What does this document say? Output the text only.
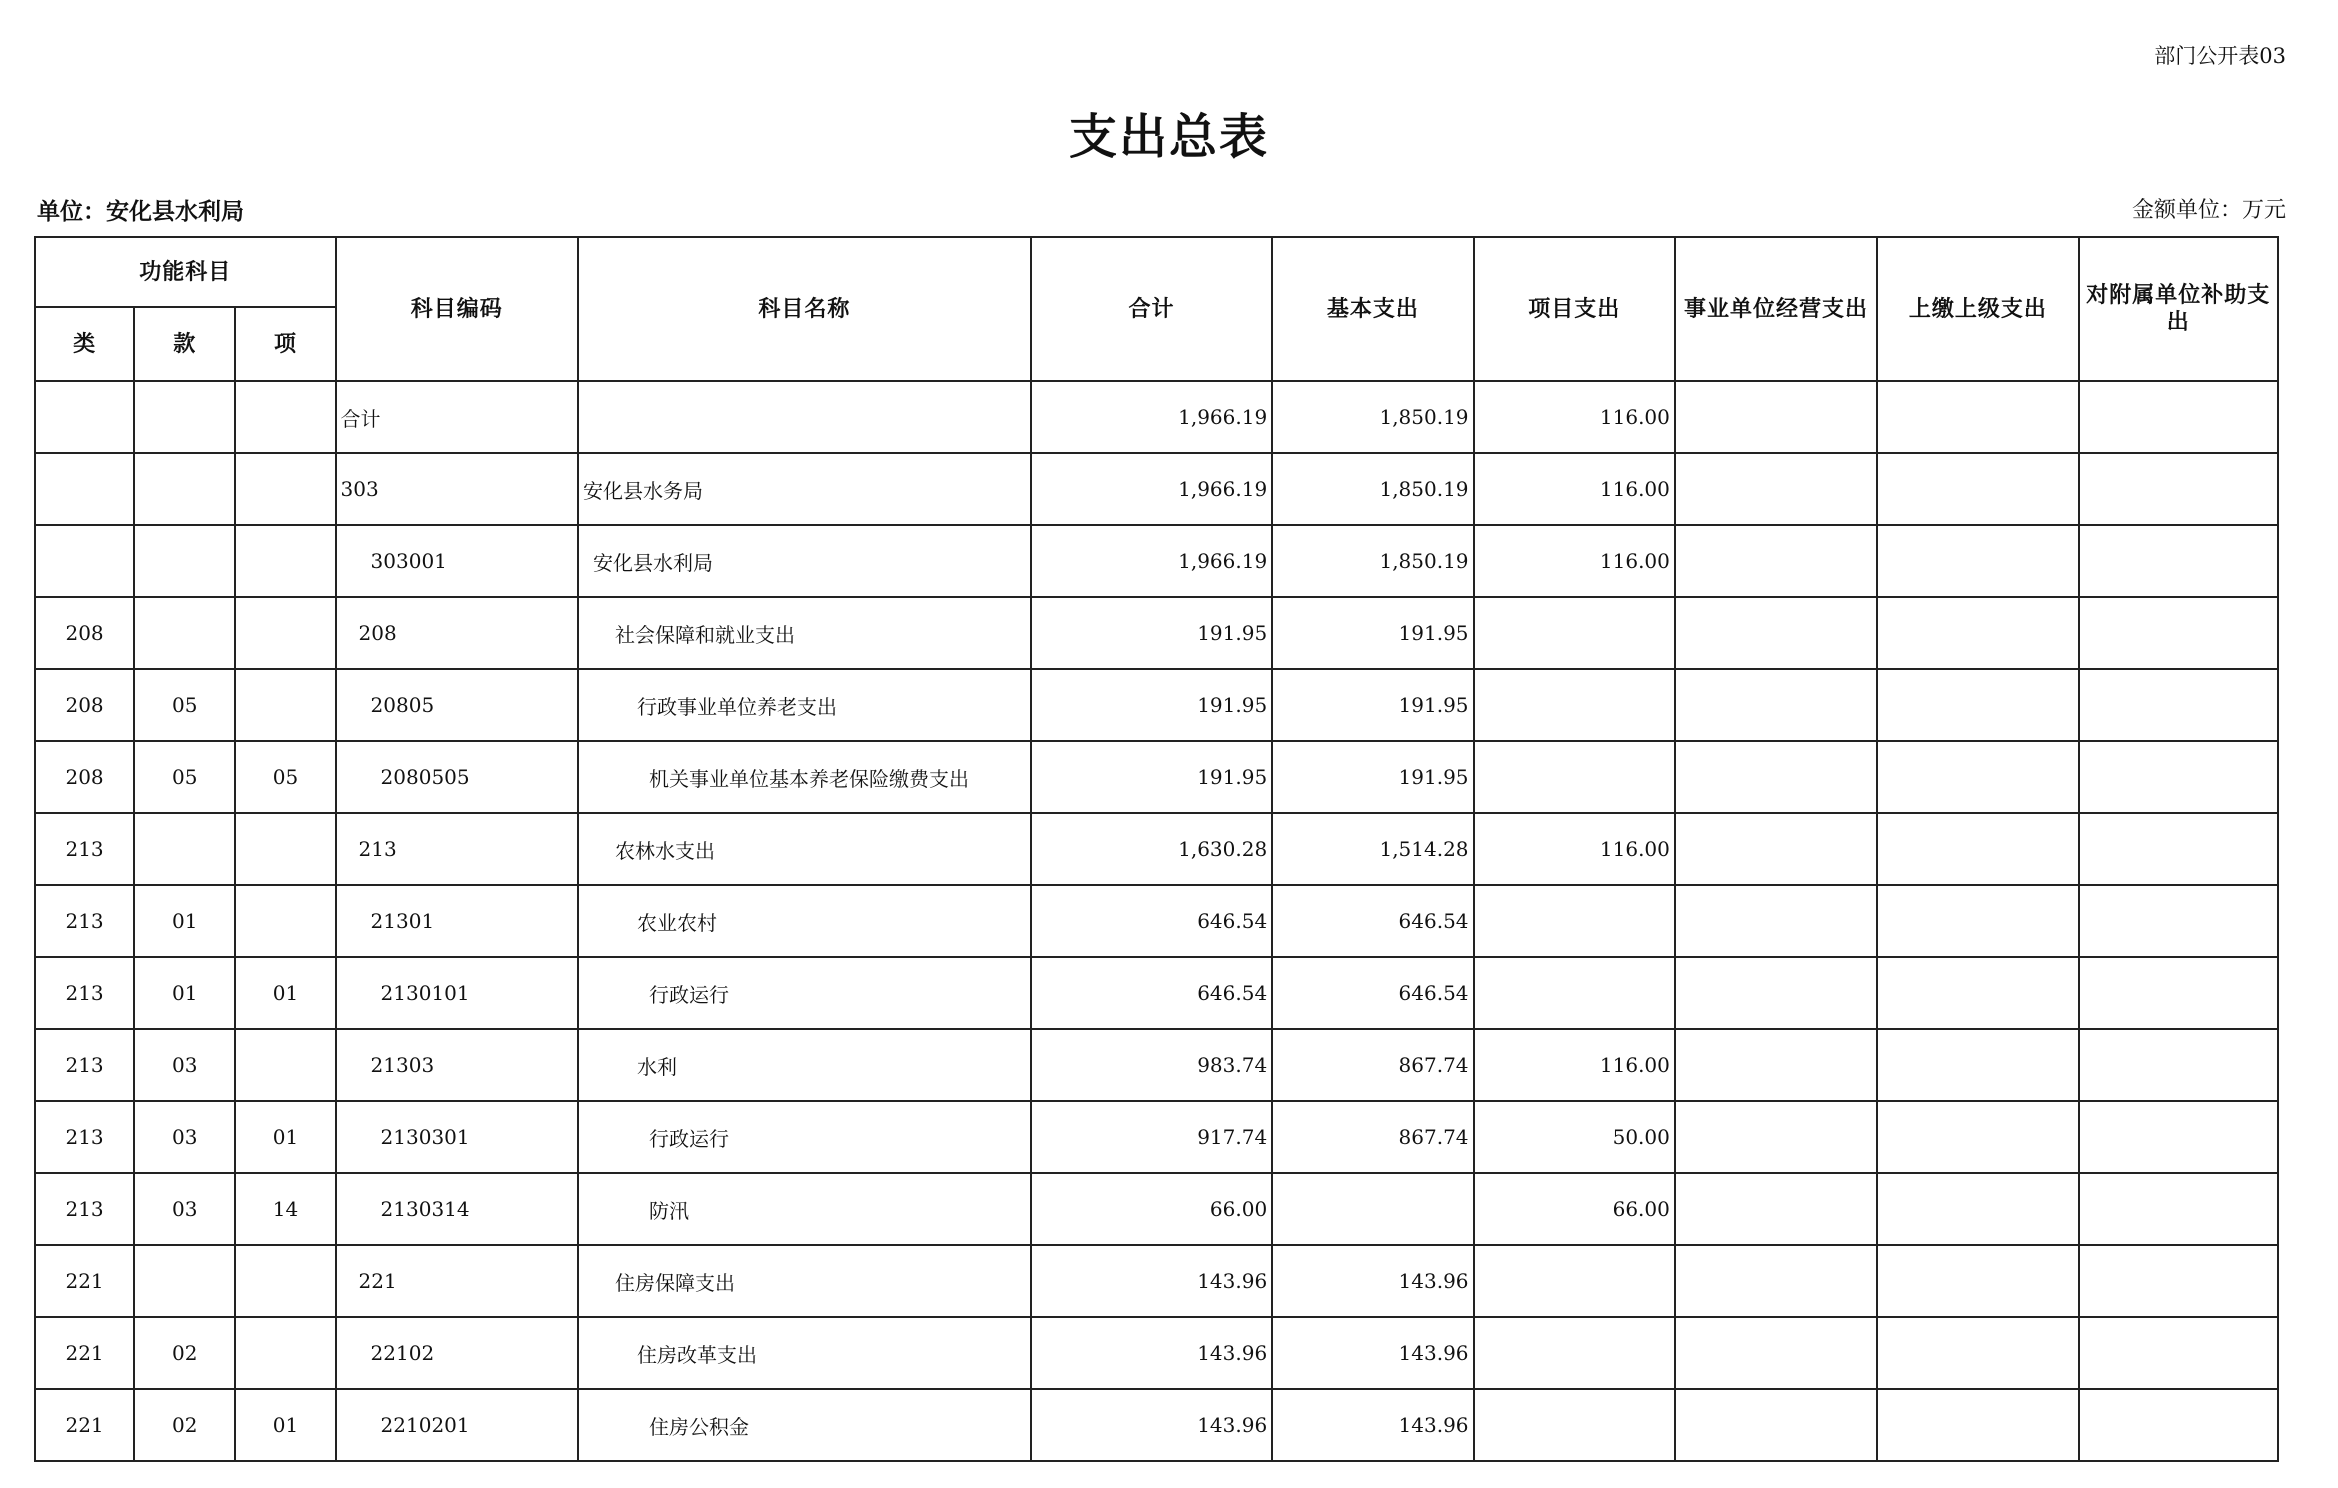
部门公开表03
支出总表
单位：安化县水利局	金额单位：万元
功能科目			科目编码	科目名称	合计	基本支出	项目支出	事业单位经营支出	上缴上级支出	对附属单位补助支出
类	款	项								
			合计		1,966.19	1,850.19	116.00			
			303	安化县水务局	1,966.19	1,850.19	116.00			
			303001	安化县水利局	1,966.19	1,850.19	116.00			
208			208	社会保障和就业支出	191.95	191.95				
208	05		20805	行政事业单位养老支出	191.95	191.95				
208	05	05	2080505	机关事业单位基本养老保险缴费支出	191.95	191.95				
213			213	农林水支出	1,630.28	1,514.28	116.00			
213	01		21301	农业农村	646.54	646.54				
213	01	01	2130101	行政运行	646.54	646.54				
213	03		21303	水利	983.74	867.74	116.00			
213	03	01	2130301	行政运行	917.74	867.74	50.00			
213	03	14	2130314	防汛	66.00		66.00			
221			221	住房保障支出	143.96	143.96				
221	02		22102	住房改革支出	143.96	143.96				
221	02	01	2210201	住房公积金	143.96	143.96				
